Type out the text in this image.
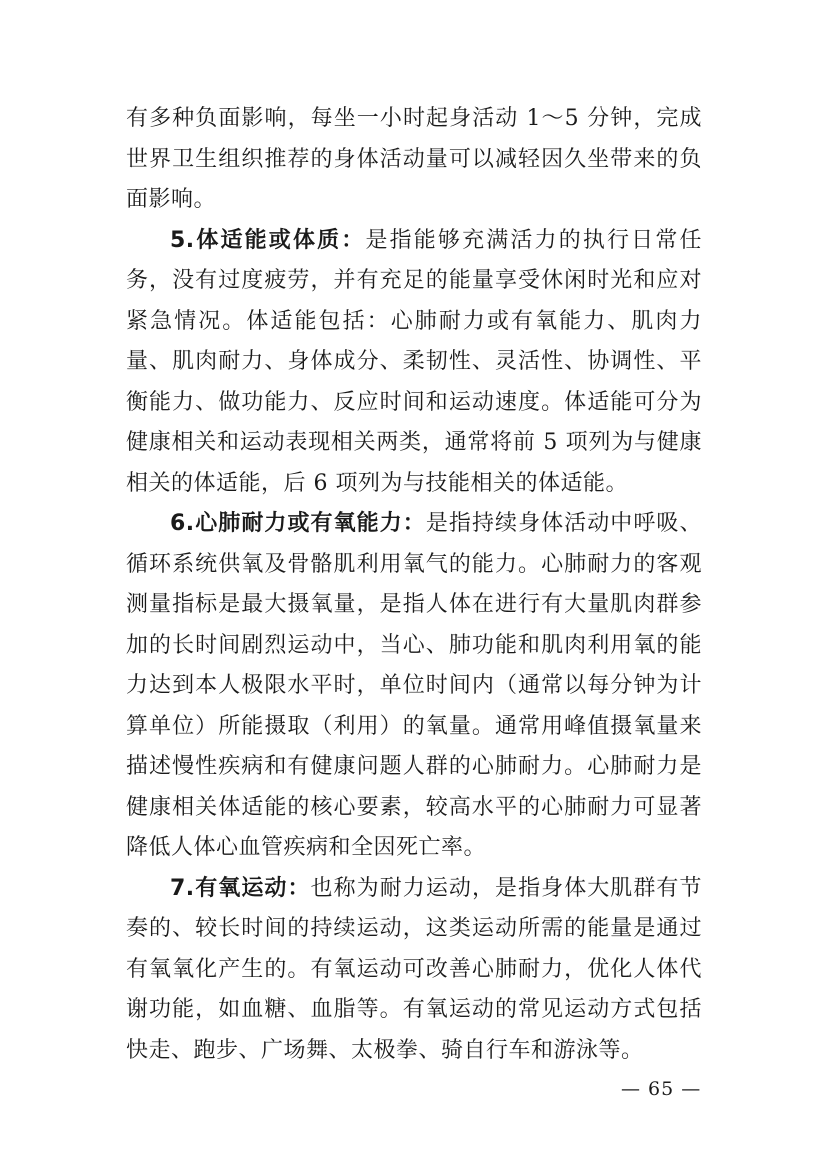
有多种负面影响，每坐一小时起身活动 1～5 分钟，完成世界卫生组织推荐的身体活动量可以减轻因久坐带来的负面影响。

5.体适能或体质：是指能够充满活力的执行日常任务，没有过度疲劳，并有充足的能量享受休闲时光和应对紧急情况。体适能包括：心肺耐力或有氧能力、肌肉力量、肌肉耐力、身体成分、柔韧性、灵活性、协调性、平衡能力、做功能力、反应时间和运动速度。体适能可分为健康相关和运动表现相关两类，通常将前 5 项列为与健康相关的体适能，后 6 项列为与技能相关的体适能。

6.心肺耐力或有氧能力：是指持续身体活动中呼吸、循环系统供氧及骨骼肌利用氧气的能力。心肺耐力的客观测量指标是最大摄氧量，是指人体在进行有大量肌肉群参加的长时间剧烈运动中，当心、肺功能和肌肉利用氧的能力达到本人极限水平时，单位时间内（通常以每分钟为计算单位）所能摄取（利用）的氧量。通常用峰值摄氧量来描述慢性疾病和有健康问题人群的心肺耐力。心肺耐力是健康相关体适能的核心要素，较高水平的心肺耐力可显著降低人体心血管疾病和全因死亡率。

7.有氧运动：也称为耐力运动，是指身体大肌群有节奏的、较长时间的持续运动，这类运动所需的能量是通过有氧氧化产生的。有氧运动可改善心肺耐力，优化人体代谢功能，如血糖、血脂等。有氧运动的常见运动方式包括快走、跑步、广场舞、太极拳、骑自行车和游泳等。

— 65 —
